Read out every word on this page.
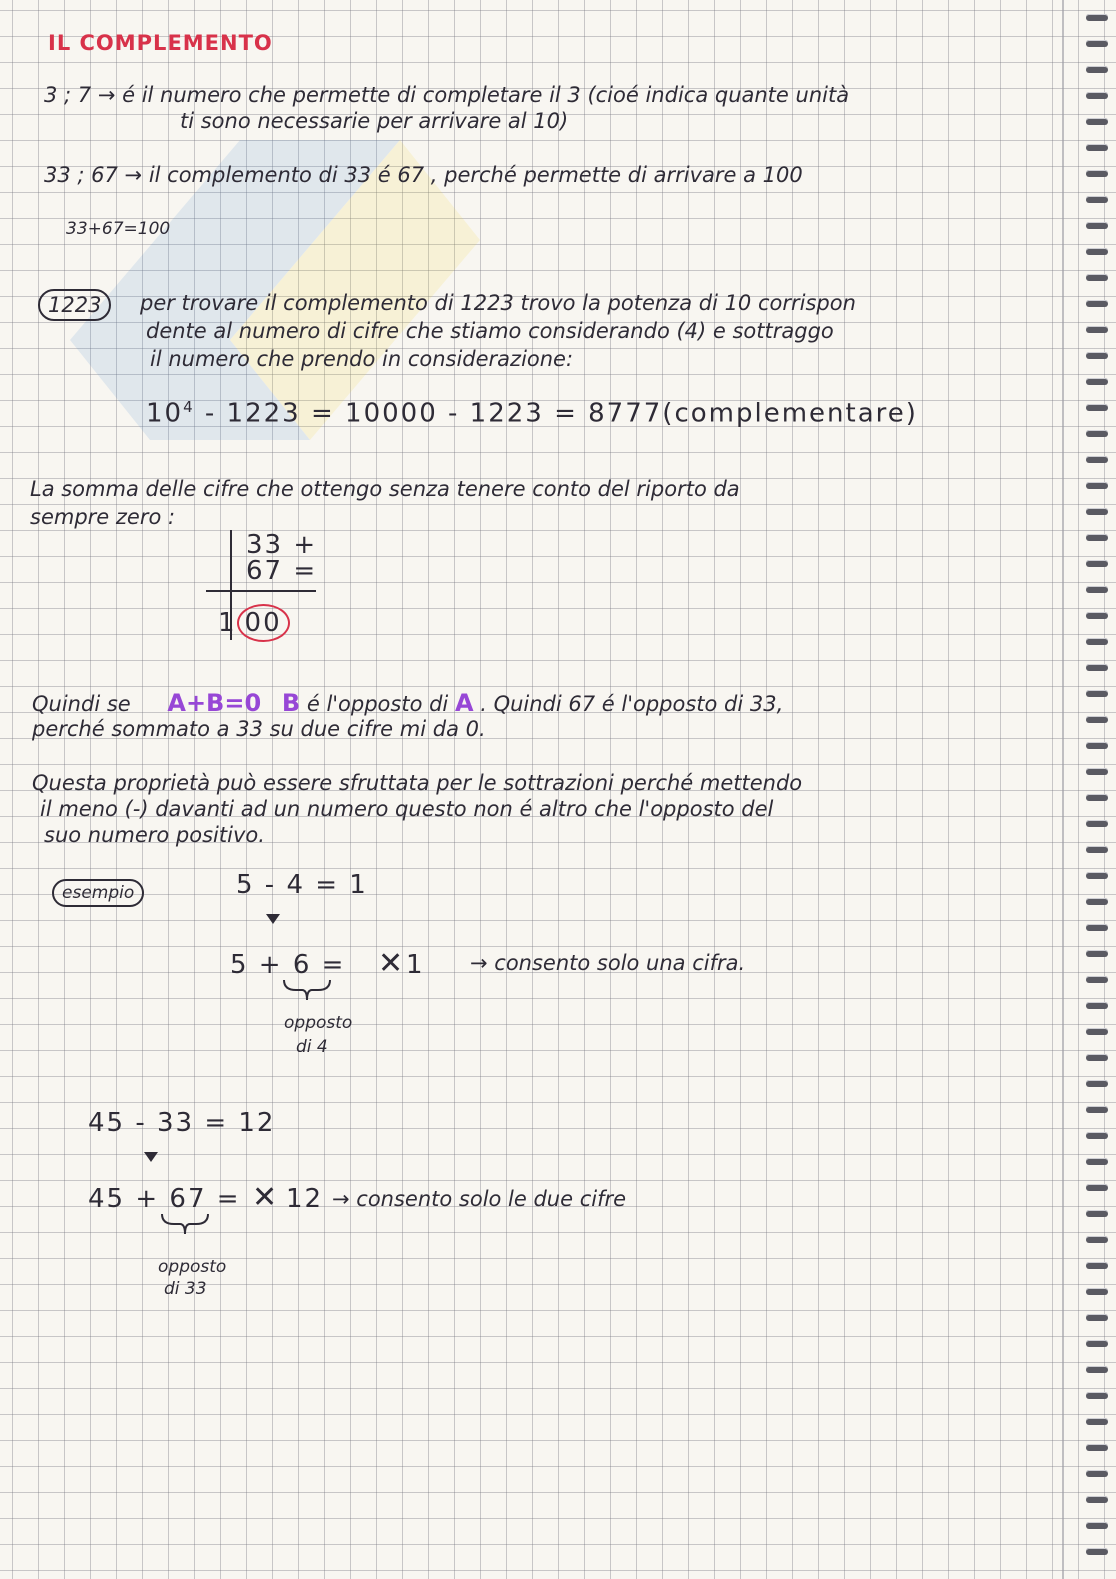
IL COMPLEMENTO
3 ; 7 → é il numero che permette di completare il 3 (cioé indica quante unità
ti sono necessarie per arrivare al 10)
33 ; 67 → il complemento di 33 é 67 , perché permette di arrivare a 100
33+67=100
1223	per trovare il complemento di 1223 trovo la potenza di 10 corrispon
dente al numero di cifre che stiamo considerando (4) e sottraggo
il numero che prendo in considerazione:
$10^4 - 1223 = 10000 - 1223$ = 8777(complementare)
La somma delle cifre che ottengo senza tenere conto del riporto da
sempre zero :
33 +
67 =
1 00
Quindi se A+B=0 B é l'opposto di A . Quindi 67 é l'opposto di 33,
perché sommato a 33 su due cifre mi da 0.
Questa proprietà può essere sfruttata per le sottrazioni perché mettendo
il meno (-) davanti ad un numero questo non é altro che l'opposto del
suo numero positivo.
esempio	5 - 4 = 1
5 + 6 = ✕ 1 → consento solo una cifra.
opposto
di 4
45 - 33 = 12
45 + 67 = ✕ 12 → consento solo le due cifre
opposto
di 33
